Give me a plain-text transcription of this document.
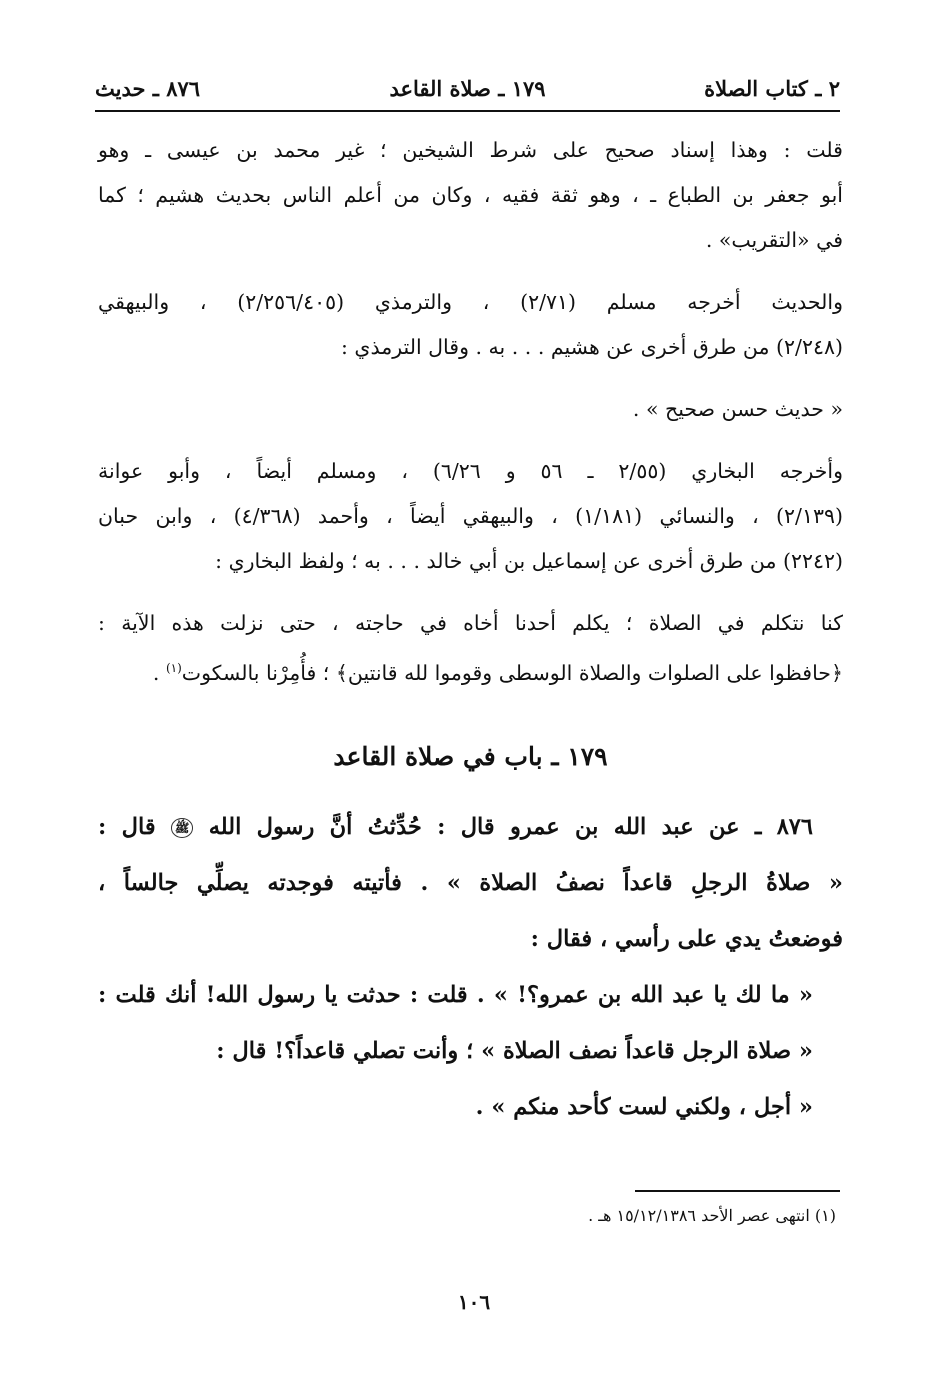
٢ ـ كتاب الصلاة
١٧٩ ـ صلاة القاعد
٨٧٦ ـ حديث

قلت : وهذا إسناد صحيح على شرط الشيخين ؛ غير محمد بن عيسى ـ وهو
أبو جعفر بن الطباع ـ ، وهو ثقة فقيه ، وكان من أعلم الناس بحديث هشيم ؛ كما
في «التقريب» .

والحديث أخرجه مسلم (٢/٧١) ، والترمذي (٢/٢٥٦/٤٠٥) ، والبيهقي
(٢/٢٤٨) من طرق أخرى عن هشيم . . . به . وقال الترمذي :

« حديث حسن صحيح » .

وأخرجه البخاري (٢/٥٥ ـ ٥٦ و ٦/٢٦) ، ومسلم أيضاً ، وأبو عوانة
(٢/١٣٩) ، والنسائي (١/١٨١) ، والبيهقي أيضاً ، وأحمد (٤/٣٦٨) ، وابن حبان
(٢٢٤٢) من طرق أخرى عن إسماعيل بن أبي خالد . . . به ؛ ولفظ البخاري :

كنا نتكلم في الصلاة ؛ يكلم أحدنا أخاه في حاجته ، حتى نزلت هذه الآية :
﴿حافظوا على الصلوات والصلاة الوسطى وقوموا لله قانتين﴾ ؛ فأُمِرْنا بالسكوت$^{(١)}$ .

١٧٩ ـ باب في صلاة القاعد
٨٧٦ ـ عن عبد الله بن عمرو قال : حُدِّثتُ أنَّ رسول الله ﷺ قال :
« صلاةُ الرجلِ قاعداً نصفُ الصلاة » . فأتيته فوجدته يصلِّي جالساً ،
فوضعتُ يدي على رأسي ، فقال :
« ما لك يا عبد الله بن عمرو؟! » . قلت : حدثت يا رسول الله! أنك قلت :
« صلاة الرجل قاعداً نصف الصلاة » ؛ وأنت تصلي قاعداً؟! قال :
« أجل ، ولكني لست كأحد منكم » .
(١) انتهى عصر الأحد ١٥/١٢/١٣٨٦ هـ .
١٠٦
